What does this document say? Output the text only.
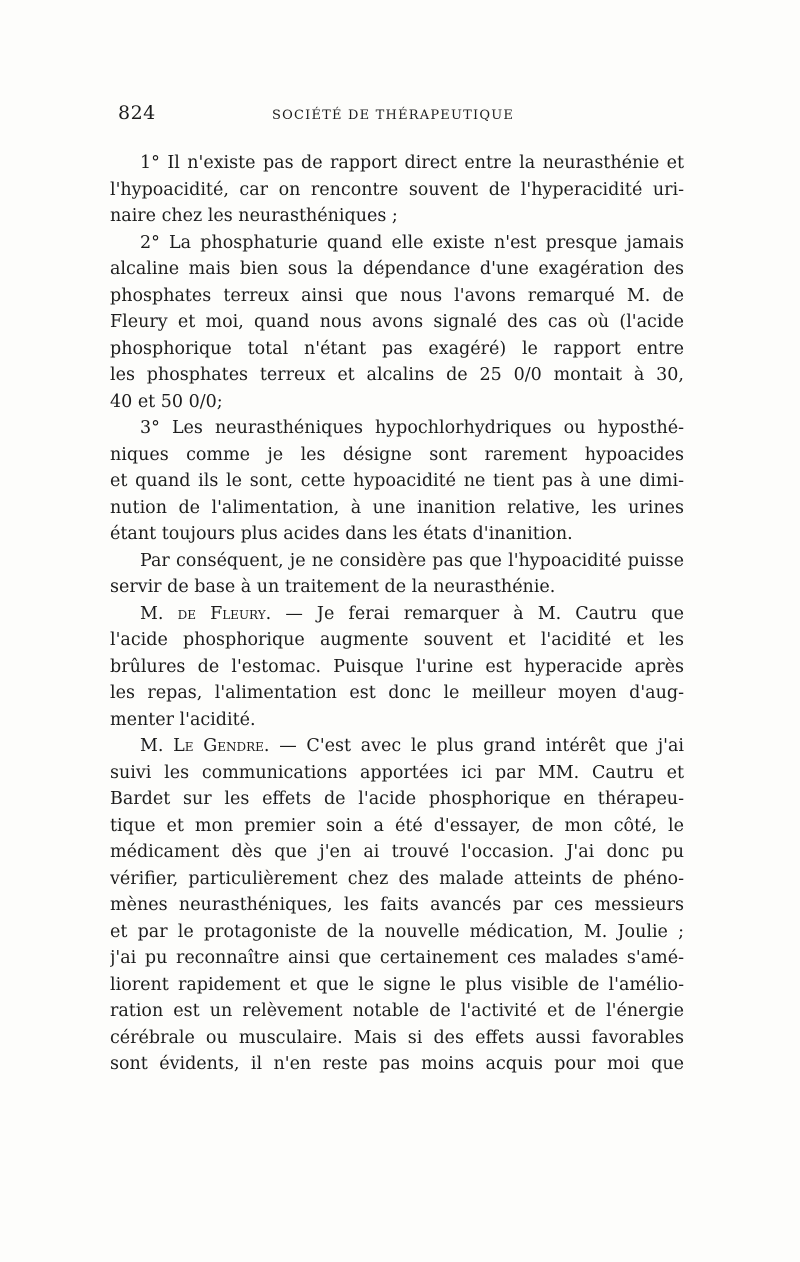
824	SOCIÉTÉ DE THÉRAPEUTIQUE
1° Il n'existe pas de rapport direct entre la neurasthénie et
l'hypoacidité, car on rencontre souvent de l'hyperacidité uri-
naire chez les neurasthéniques ;
2° La phosphaturie quand elle existe n'est presque jamais
alcaline mais bien sous la dépendance d'une exagération des
phosphates terreux ainsi que nous l'avons remarqué M. de
Fleury et moi, quand nous avons signalé des cas où (l'acide
phosphorique total n'étant pas exagéré) le rapport entre
les phosphates terreux et alcalins de 25 0/0 montait à 30,
40 et 50 0/0;
3° Les neurasthéniques hypochlorhydriques ou hyposthé-
niques comme je les désigne sont rarement hypoacides
et quand ils le sont, cette hypoacidité ne tient pas à une dimi-
nution de l'alimentation, à une inanition relative, les urines
étant toujours plus acides dans les états d'inanition.
Par conséquent, je ne considère pas que l'hypoacidité puisse
servir de base à un traitement de la neurasthénie.
M. de Fleury. — Je ferai remarquer à M. Cautru que
l'acide phosphorique augmente souvent et l'acidité et les
brûlures de l'estomac. Puisque l'urine est hyperacide après
les repas, l'alimentation est donc le meilleur moyen d'aug-
menter l'acidité.
M. Le Gendre. — C'est avec le plus grand intérêt que j'ai
suivi les communications apportées ici par MM. Cautru et
Bardet sur les effets de l'acide phosphorique en thérapeu-
tique et mon premier soin a été d'essayer, de mon côté, le
médicament dès que j'en ai trouvé l'occasion. J'ai donc pu
vérifier, particulièrement chez des malade atteints de phéno-
mènes neurasthéniques, les faits avancés par ces messieurs
et par le protagoniste de la nouvelle médication, M. Joulie ;
j'ai pu reconnaître ainsi que certainement ces malades s'amé-
liorent rapidement et que le signe le plus visible de l'amélio-
ration est un relèvement notable de l'activité et de l'énergie
cérébrale ou musculaire. Mais si des effets aussi favorables
sont évidents, il n'en reste pas moins acquis pour moi que
